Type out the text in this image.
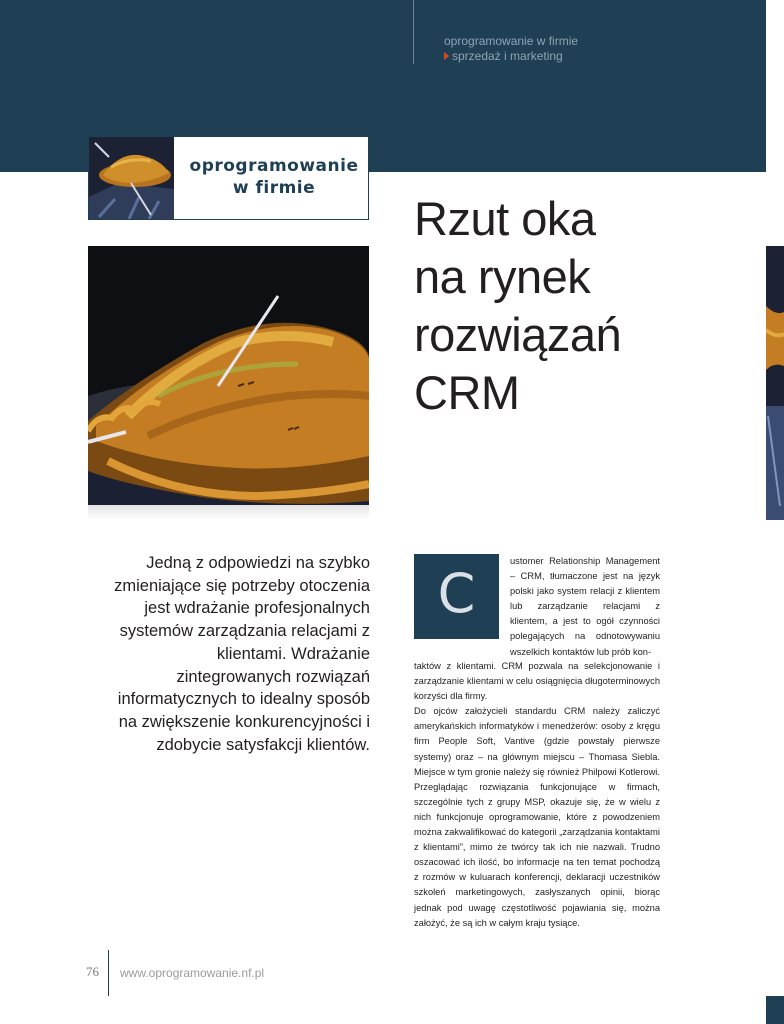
oprogramowanie w firmie
sprzedaż i marketing
oprogramowanie
w firmie
Rzut oka
na rynek
rozwiązań
CRM
Jedną z odpowiedzi na szybko zmieniające się potrzeby otoczenia jest wdrażanie profesjonalnych systemów zarządzania relacjami z klientami. Wdrażanie zintegrowanych rozwiązań informatycznych to idealny sposób na zwiększenie konkurencyjności i zdobycie satysfakcji klientów.
C
ustomer Relationship Management – CRM, tłumaczone jest na język polski jako system relacji z klientem lub zarządzanie relacjami z klientem, a jest to ogół czynności polegających na odnotowywaniu wszelkich kontaktów lub prób kon-

taktów z klientami. CRM pozwala na selekcjonowanie i zarządzanie klientami w celu osiągnięcia długoterminowych korzyści dla firmy.

Do ojców założycieli standardu CRM należy zaliczyć amerykańskich informatyków i menedżerów: osoby z kręgu firm People Soft, Vantive (gdzie powstały pierwsze systemy) oraz – na głównym miejscu – Thomasa Siebla. Miejsce w tym gronie należy się również Philpowi Kotlerowi.

Przeglądając rozwiązania funkcjonujące w firmach, szczególnie tych z grupy MSP, okazuje się, że w wielu z nich funkcjonuje oprogramowanie, które z powodzeniem można zakwalifikować do kategorii „zarządzania kontaktami z klientami”, mimo że twórcy tak ich nie nazwali. Trudno oszacować ich ilość, bo informacje na ten temat pochodzą z rozmów w kuluarach konferencji, deklaracji uczestników szkoleń marketingowych, zasłyszanych opinii, biorąc jednak pod uwagę częstotliwość pojawiania się, można założyć, że są ich w całym kraju tysiące.

76 www.oprogramowanie.nf.pl
